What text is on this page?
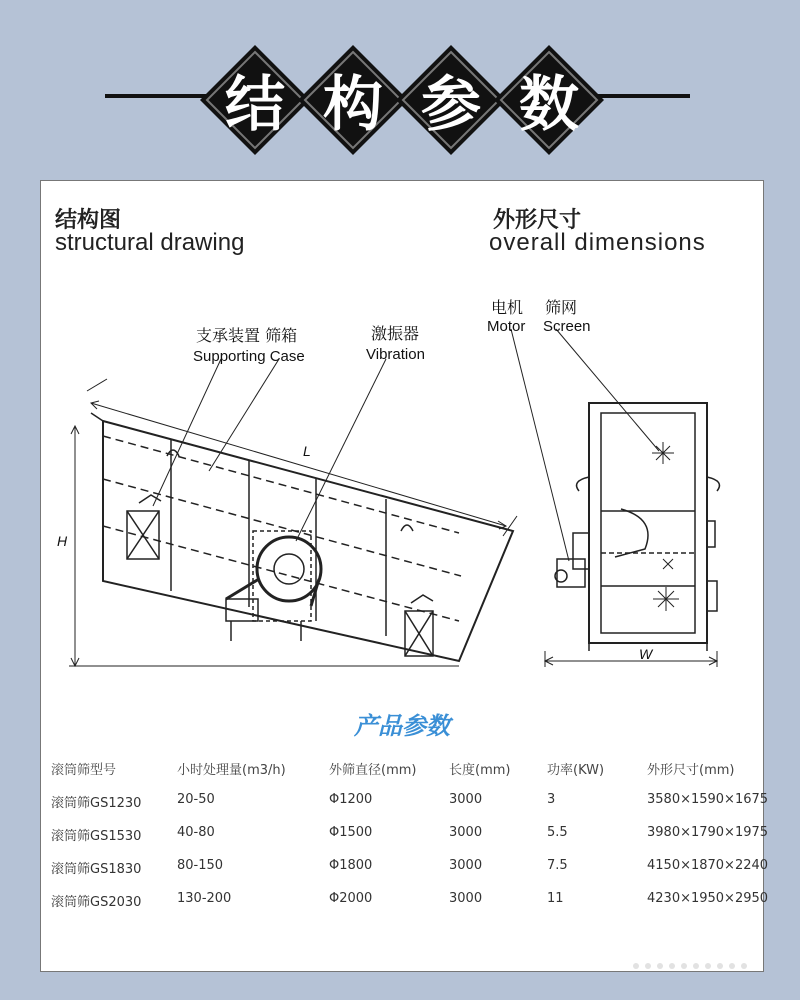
结 构 参 数
结构图
structural drawing
外形尺寸
overall dimensions
支承装置 筛箱
Supporting Case
激振器
Vibration
电机
Motor
筛网
Screen
L
H
W
产品参数
滚筒筛型号	小时处理量(m3/h)	外筛直径(mm)	长度(mm)	功率(KW)	外形尺寸(mm)
滚筒筛GS1230	20-50	Φ1200	3000	3	3580×1590×1675
滚筒筛GS1530	40-80	Φ1500	3000	5.5	3980×1790×1975
滚筒筛GS1830	80-150	Φ1800	3000	7.5	4150×1870×2240
滚筒筛GS2030	130-200	Φ2000	3000	11	4230×1950×2950
